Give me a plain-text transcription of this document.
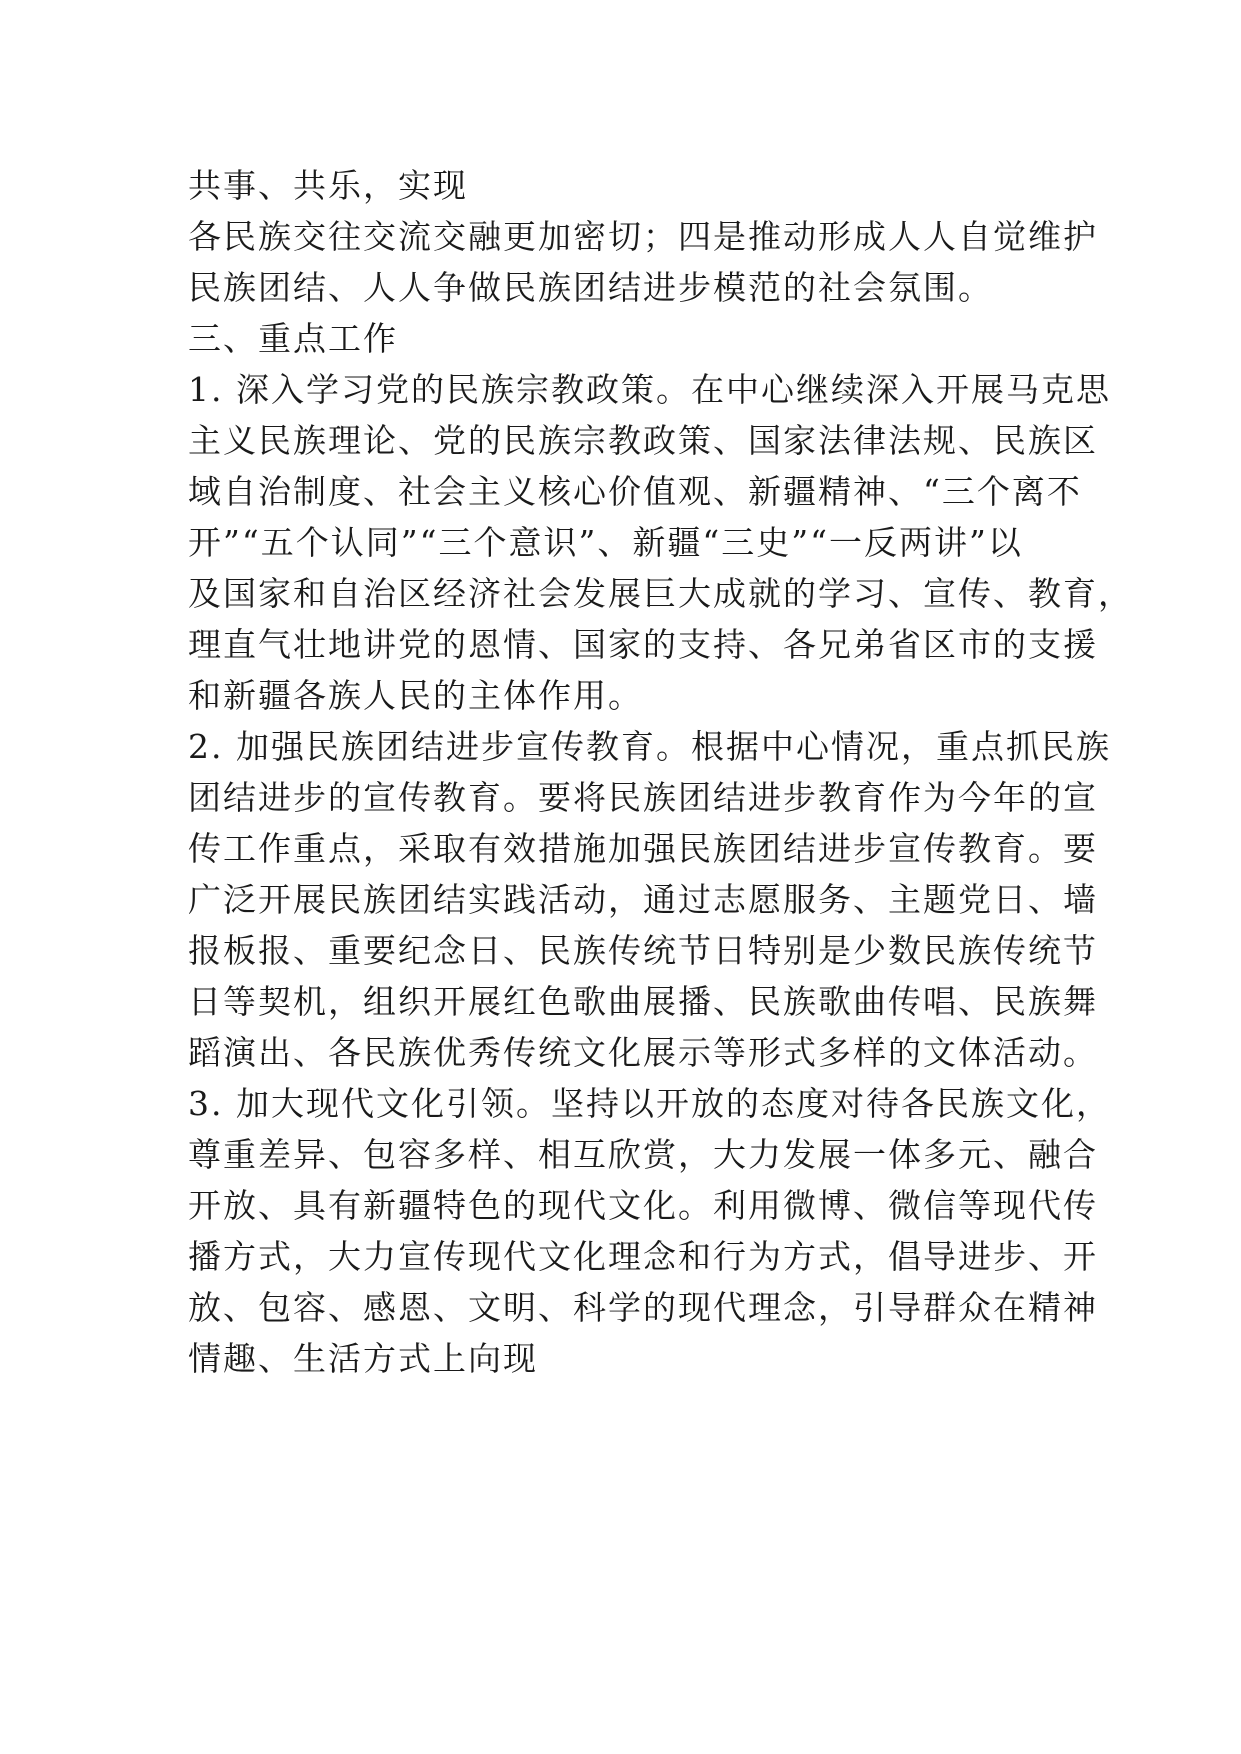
共事、共乐，实现
各民族交往交流交融更加密切；四是推动形成人人自觉维护
民族团结、人人争做民族团结进步模范的社会氛围。
三、重点工作
1. 深入学习党的民族宗教政策。在中心继续深入开展马克思
主义民族理论、党的民族宗教政策、国家法律法规、民族区
域自治制度、社会主义核心价值观、新疆精神、“三个离不
开”“五个认同”“三个意识”、新疆“三史”“一反两讲”以
及国家和自治区经济社会发展巨大成就的学习、宣传、教育，
理直气壮地讲党的恩情、国家的支持、各兄弟省区市的支援
和新疆各族人民的主体作用。
2. 加强民族团结进步宣传教育。根据中心情况，重点抓民族
团结进步的宣传教育。要将民族团结进步教育作为今年的宣
传工作重点，采取有效措施加强民族团结进步宣传教育。要
广泛开展民族团结实践活动，通过志愿服务、主题党日、墙
报板报、重要纪念日、民族传统节日特别是少数民族传统节
日等契机，组织开展红色歌曲展播、民族歌曲传唱、民族舞
蹈演出、各民族优秀传统文化展示等形式多样的文体活动。
3. 加大现代文化引领。坚持以开放的态度对待各民族文化，
尊重差异、包容多样、相互欣赏，大力发展一体多元、融合
开放、具有新疆特色的现代文化。利用微博、微信等现代传
播方式，大力宣传现代文化理念和行为方式，倡导进步、开
放、包容、感恩、文明、科学的现代理念，引导群众在精神
情趣、生活方式上向现
